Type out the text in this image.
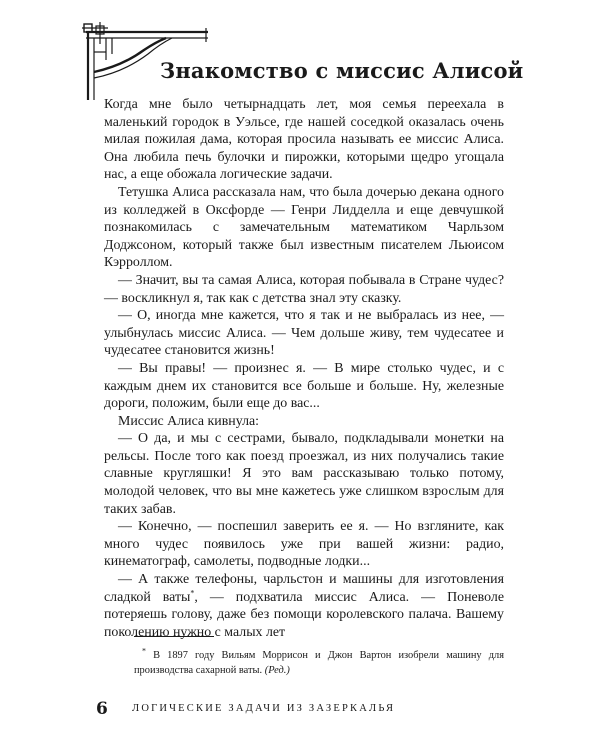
Знакомство с миссис Алисой

Когда мне было четырнадцать лет, моя семья переехала в маленький городок в Уэльсе, где нашей соседкой оказалась очень милая пожилая дама, которая просила называть ее миссис Алиса. Она любила печь булочки и пирожки, которыми щедро угощала нас, а еще обожала логические задачи.

Тетушка Алиса рассказала нам, что была дочерью декана одного из колледжей в Оксфорде — Генри Лидделла и еще девчушкой познакомилась с замечательным математиком Чарльзом Доджсоном, который также был известным писателем Льюисом Кэрроллом.

— Значит, вы та самая Алиса, которая побывала в Стране чудес? — воскликнул я, так как с детства знал эту сказку.

— О, иногда мне кажется, что я так и не выбралась из нее, — улыбнулась миссис Алиса. — Чем дольше живу, тем чудесатее и чудесатее становится жизнь!

— Вы правы! — произнес я. — В мире столько чудес, и с каждым днем их становится все больше и больше. Ну, железные дороги, положим, были еще до вас...

Миссис Алиса кивнула:

— О да, и мы с сестрами, бывало, подкладывали монетки на рельсы. После того как поезд проезжал, из них получались такие славные кругляшки! Я это вам рассказываю только потому, молодой человек, что вы мне кажетесь уже слишком взрослым для таких забав.

— Конечно, — поспешил заверить ее я. — Но взгляните, как много чудес появилось уже при вашей жизни: радио, кинематограф, самолеты, подводные лодки...

— А также телефоны, чарльстон и машины для изготовления сладкой ваты*, — подхватила миссис Алиса. — Поневоле потеряешь голову, даже без помощи королевского палача. Вашему поколению нужно с малых лет

* В 1897 году Вильям Моррисон и Джон Вартон изобрели машину для производства сахарной ваты. (Ред.)

6 ЛОГИЧЕСКИЕ ЗАДАЧИ ИЗ ЗАЗЕРКАЛЬЯ
